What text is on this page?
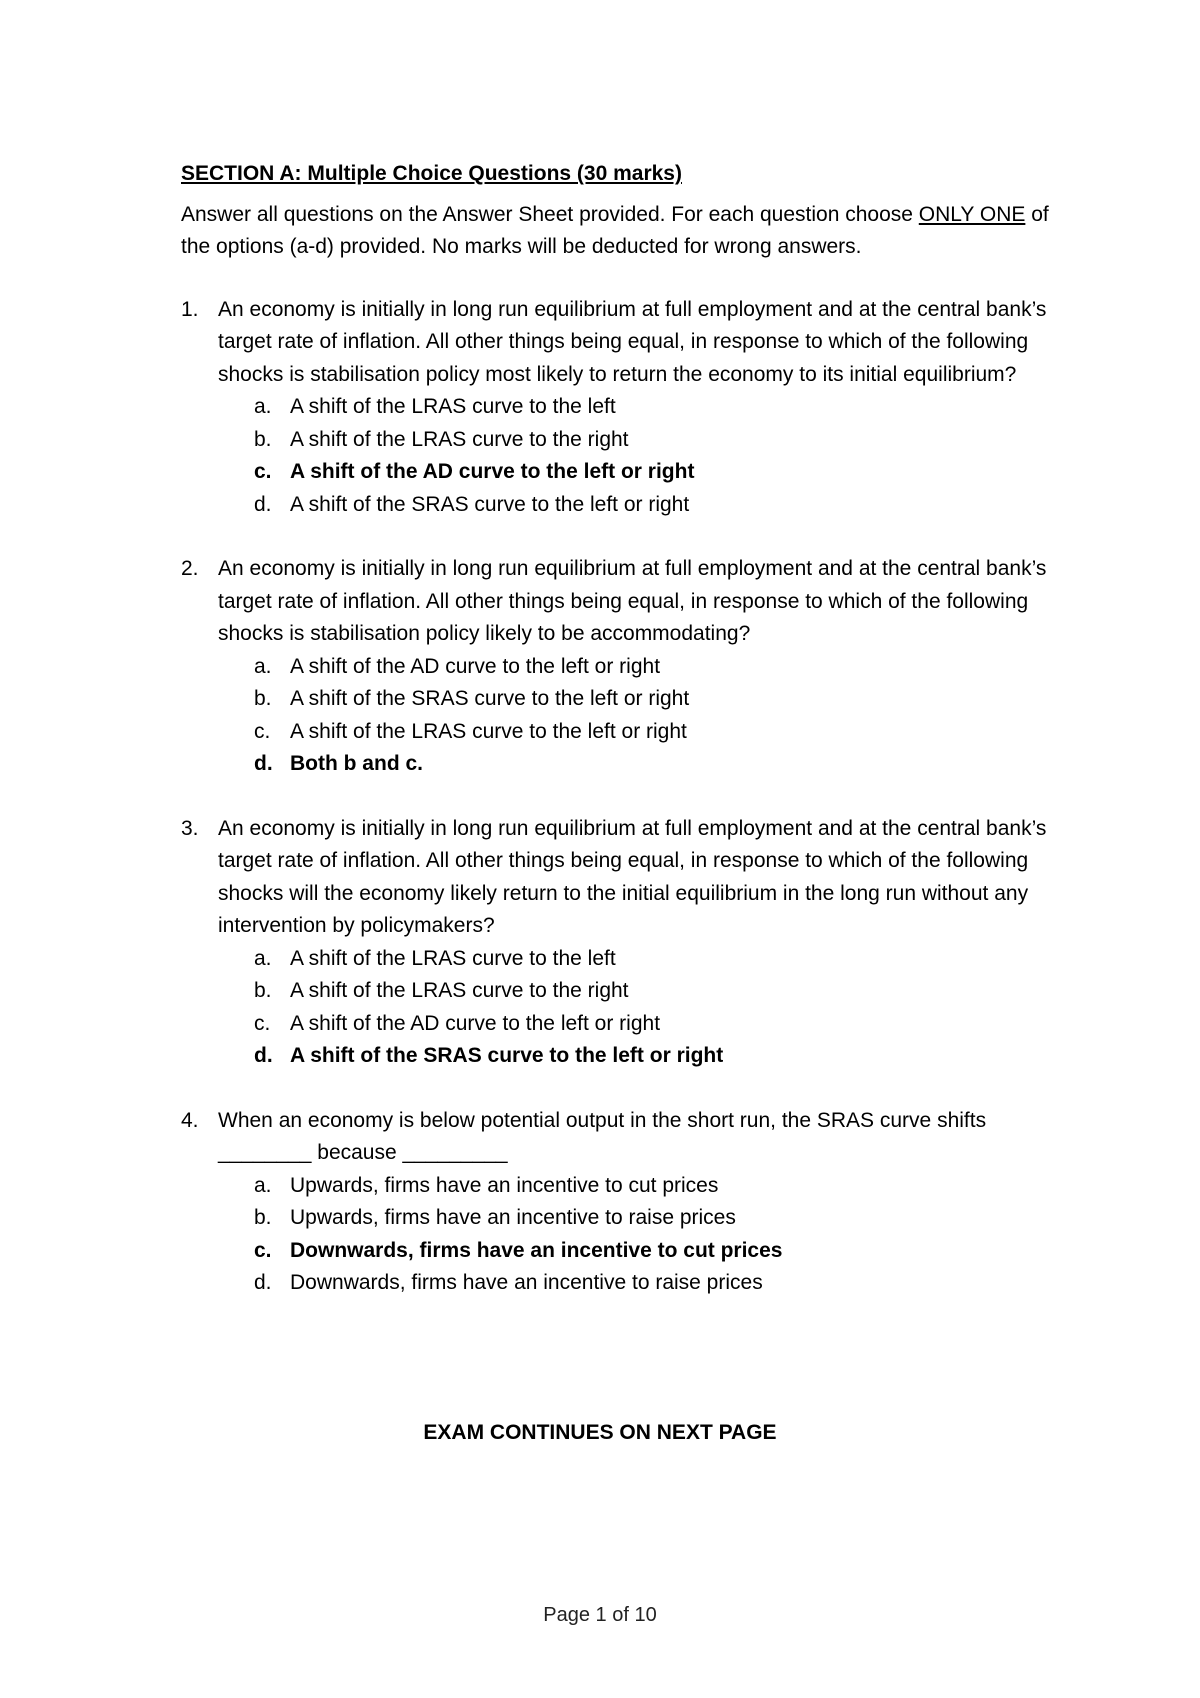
SECTION A: Multiple Choice Questions (30 marks)
Answer all questions on the Answer Sheet provided. For each question choose ONLY ONE of the options (a-d) provided. No marks will be deducted for wrong answers.
1. An economy is initially in long run equilibrium at full employment and at the central bank’s target rate of inflation. All other things being equal, in response to which of the following shocks is stabilisation policy most likely to return the economy to its initial equilibrium?

a. A shift of the LRAS curve to the left
b. A shift of the LRAS curve to the right
c. A shift of the AD curve to the left or right
d. A shift of the SRAS curve to the left or right
2. An economy is initially in long run equilibrium at full employment and at the central bank’s target rate of inflation. All other things being equal, in response to which of the following shocks is stabilisation policy likely to be accommodating?

a. A shift of the AD curve to the left or right
b. A shift of the SRAS curve to the left or right
c. A shift of the LRAS curve to the left or right
d. Both b and c.
3. An economy is initially in long run equilibrium at full employment and at the central bank’s target rate of inflation. All other things being equal, in response to which of the following shocks will the economy likely return to the initial equilibrium in the long run without any intervention by policymakers?

a. A shift of the LRAS curve to the left
b. A shift of the LRAS curve to the right
c. A shift of the AD curve to the left or right
d. A shift of the SRAS curve to the left or right
4. When an economy is below potential output in the short run, the SRAS curve shifts ________ because _________

a. Upwards, firms have an incentive to cut prices
b. Upwards, firms have an incentive to raise prices
c. Downwards, firms have an incentive to cut prices
d. Downwards, firms have an incentive to raise prices
EXAM CONTINUES ON NEXT PAGE
Page 1 of 10
